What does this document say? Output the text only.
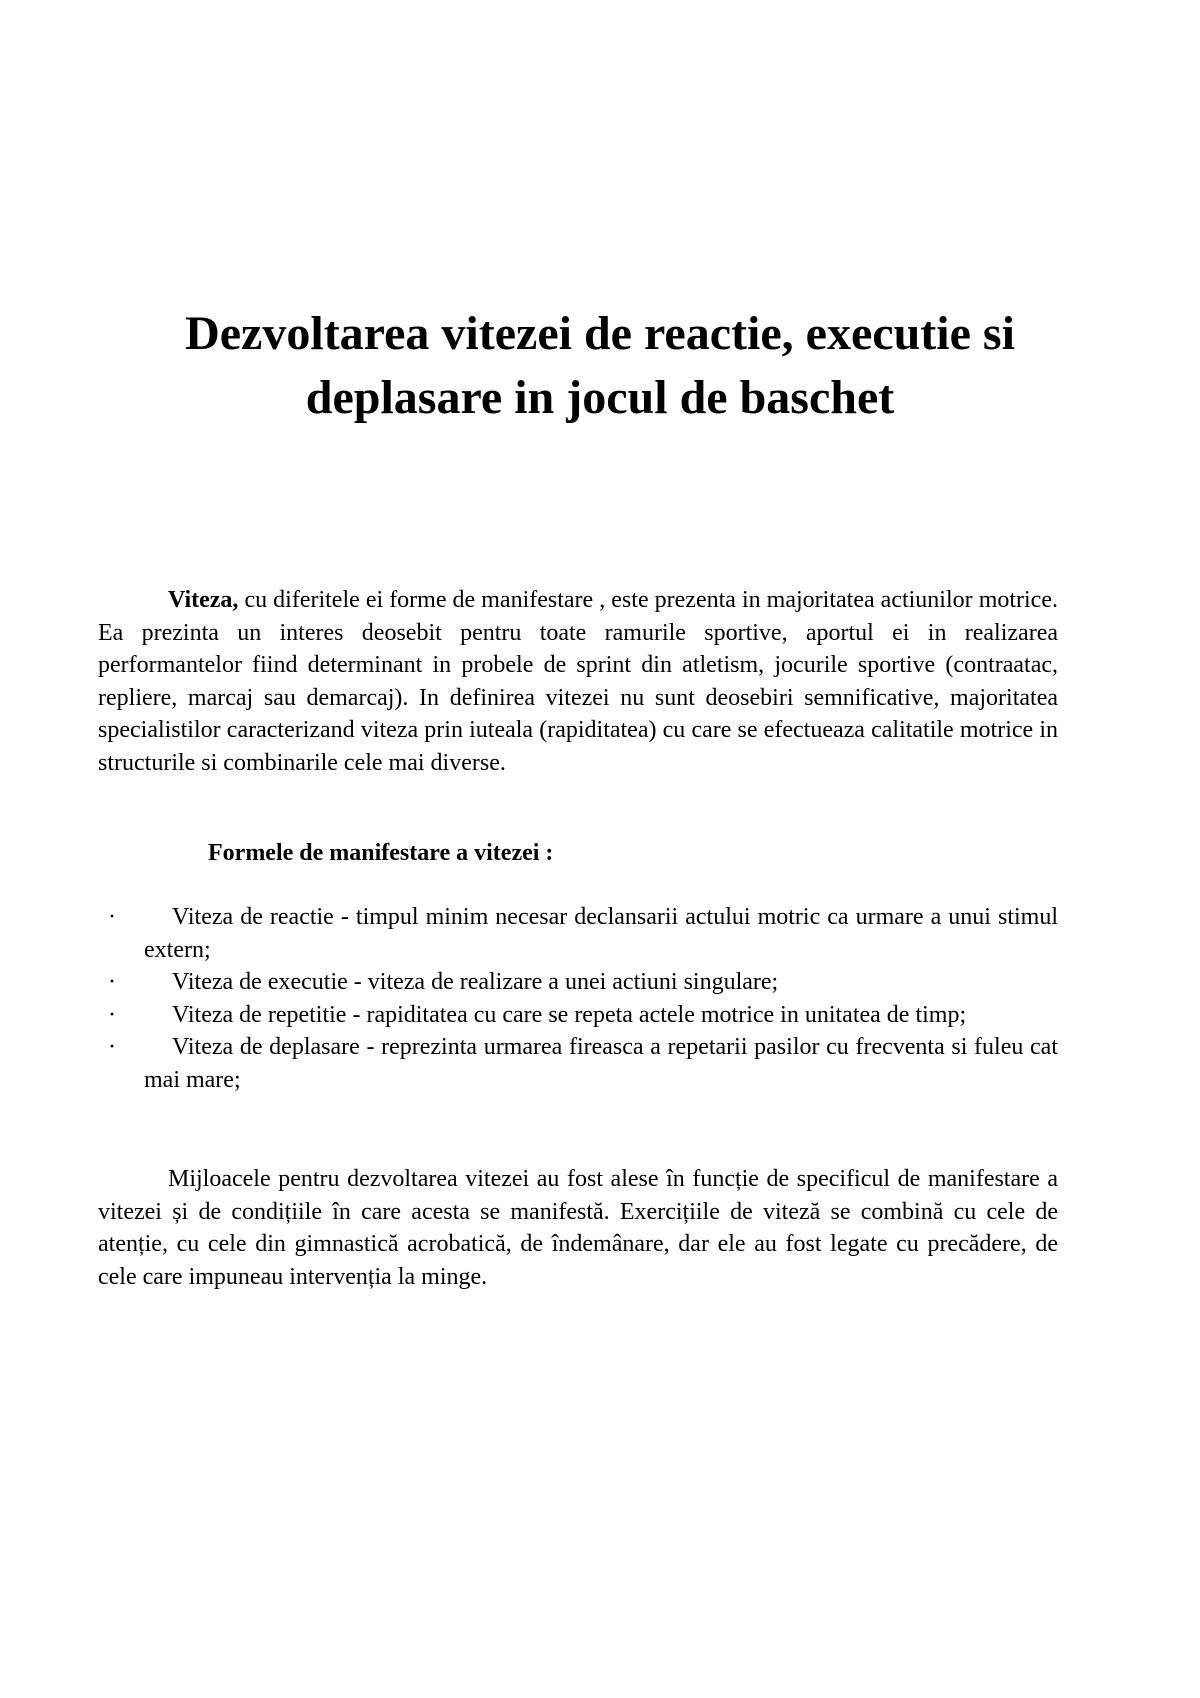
Dezvoltarea vitezei de reactie, executie si
deplasare in jocul de baschet

Viteza, cu diferitele ei forme de manifestare , este prezenta in majoritatea actiunilor motrice. Ea prezinta un interes deosebit pentru toate ramurile sportive, aportul ei in realizarea performantelor fiind determinant in probele de sprint din atletism, jocurile sportive (contraatac, repliere, marcaj sau demarcaj). In definirea vitezei nu sunt deosebiri semnificative, majoritatea specialistilor caracterizand viteza prin iuteala (rapiditatea) cu care se efectueaza calitatile motrice in structurile si combinarile cele mai diverse.

Formele de manifestare a vitezei :

·	Viteza de reactie - timpul minim necesar declansarii actului motric ca urmare a unui stimul extern;
·	Viteza de executie - viteza de realizare a unei actiuni singulare;
·	Viteza de repetitie - rapiditatea cu care se repeta actele motrice in unitatea de timp;
·	Viteza de deplasare - reprezinta urmarea fireasca a repetarii pasilor cu frecventa si fuleu cat mai mare;

Mijloacele pentru dezvoltarea vitezei au fost alese în funcție de specificul de manifestare a vitezei și de condițiile în care acesta se manifestă. Exercițiile de viteză se combină cu cele de atenție, cu cele din gimnastică acrobatică, de îndemânare, dar ele au fost legate cu precădere, de cele care impuneau intervenția la minge.
